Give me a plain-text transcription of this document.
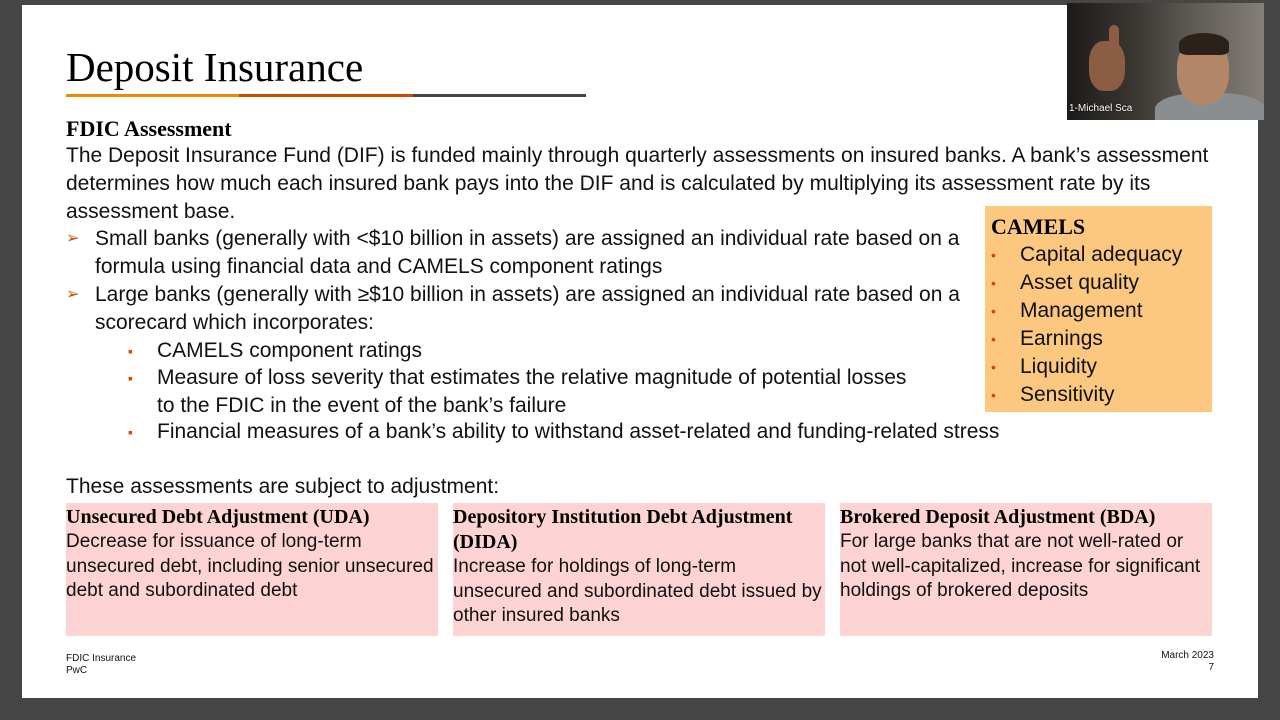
Deposit Insurance
FDIC Assessment

The Deposit Insurance Fund (DIF) is funded mainly through quarterly assessments on insured banks. A bank’s assessment determines how much each insured bank pays into the DIF and is calculated by multiplying its assessment rate by its assessment base.

➢ Small banks (generally with <$10 billion in assets) are assigned an individual rate based on a formula using financial data and CAMELS component ratings

➢ Large banks (generally with ≥$10 billion in assets) are assigned an individual rate based on a scorecard which incorporates:

▪ CAMELS component ratings

▪ Measure of loss severity that estimates the relative magnitude of potential losses to the FDIC in the event of the bank’s failure

▪ Financial measures of a bank’s ability to withstand asset-related and funding-related stress

CAMELS
• Capital adequacy
• Asset quality
• Management
• Earnings
• Liquidity
• Sensitivity

These assessments are subject to adjustment:

Unsecured Debt Adjustment (UDA)

Decrease for issuance of long-term unsecured debt, including senior unsecured debt and subordinated debt

Depository Institution Debt Adjustment (DIDA)

Increase for holdings of long-term unsecured and subordinated debt issued by other insured banks

Brokered Deposit Adjustment (BDA)

For large banks that are not well-rated or not well-capitalized, increase for significant holdings of brokered deposits

FDIC Insurance
PwC
March 2023
7
1-Michael Sca
